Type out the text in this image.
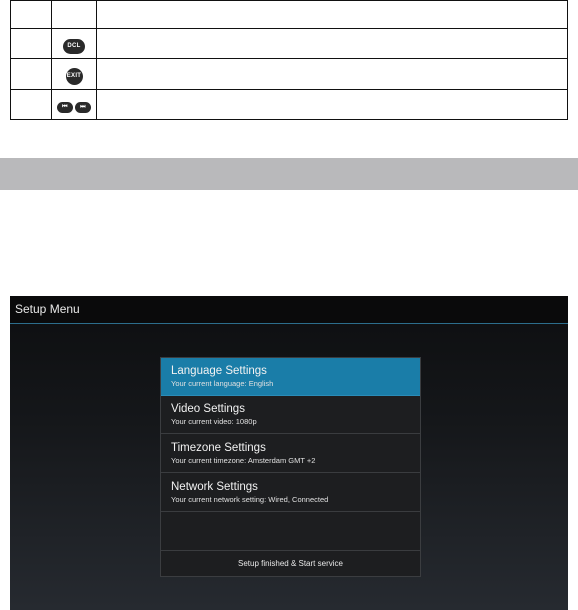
	DCL	
	EXIT	
	⏮ ⏭	
Setup Menu
Language Settings
Your current language: English
Video Settings
Your current video: 1080p
Timezone Settings
Your current timezone: Amsterdam GMT +2
Network Settings
Your current network setting: Wired, Connected
Setup finished & Start service
